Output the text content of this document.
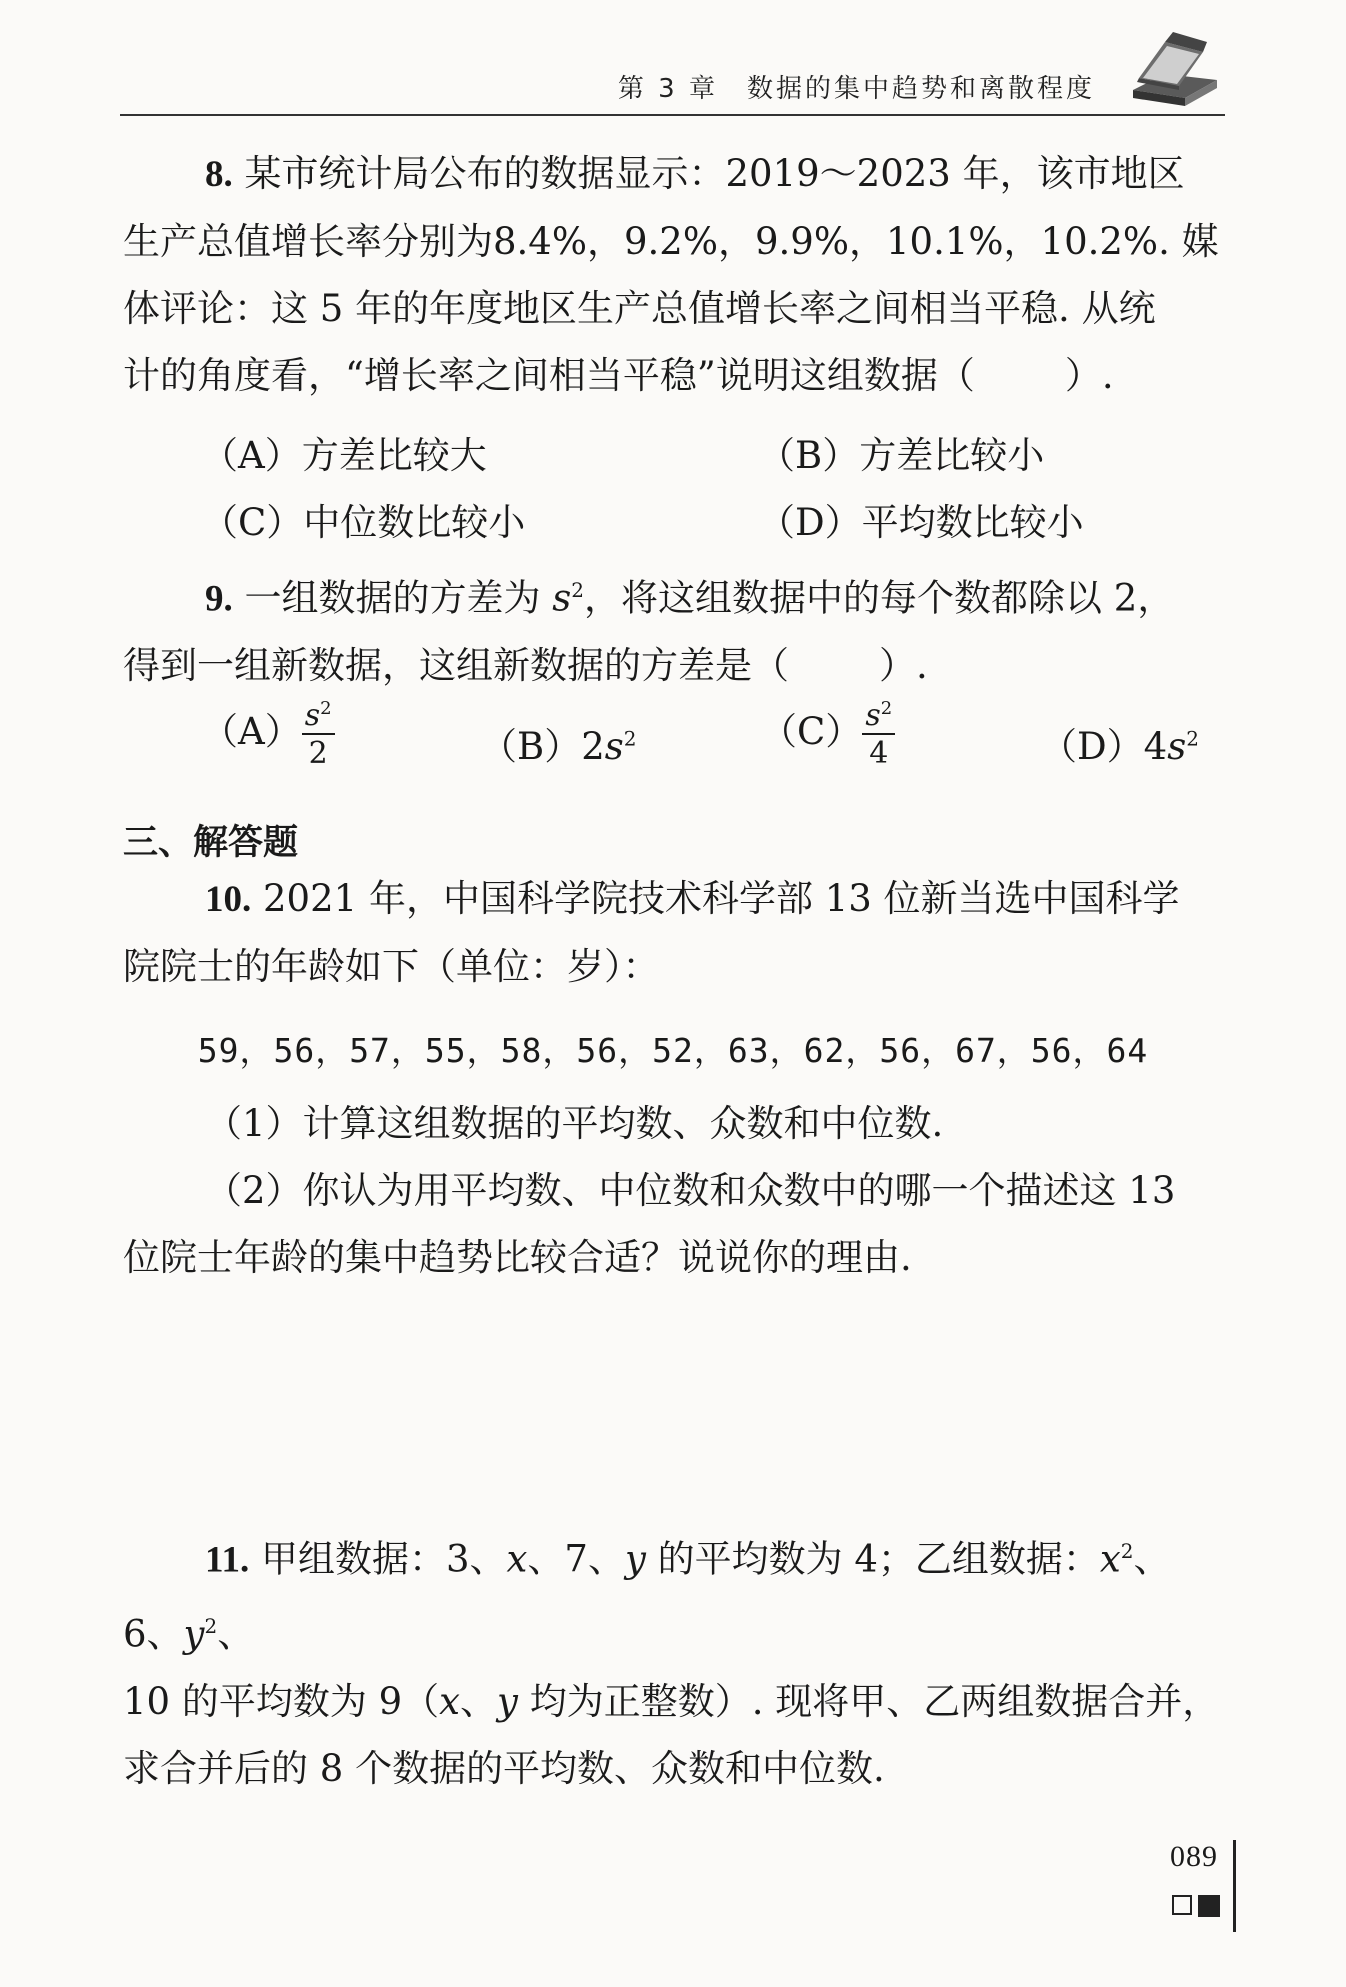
第 3 章　数据的集中趋势和离散程度

8. 某市统计局公布的数据显示：2019～2023 年，该市地区

生产总值增长率分别为8.4%，9.2%，9.9%，10.1%，10.2%. 媒

体评论：这 5 年的年度地区生产总值增长率之间相当平稳. 从统

计的角度看，“增长率之间相当平稳”说明这组数据（ ）.

（A）方差比较大	（B）方差比较小
（C）中位数比较小	（D）平均数比较小

9. 一组数据的方差为 $s^2$，将这组数据中的每个数都除以 2，

得到一组新数据，这组新数据的方差是（ ）.

$(A) \frac{s^2}{2}$	$(B)2s^2$	$(C) \frac{s^2}{4}$	$(D)4s^2$
三、解答题

10. 2021 年，中国科学院技术科学部 13 位新当选中国科学

院院士的年龄如下（单位：岁）：

59，56，57，55，58，56，52，63，62，56，67，56，64

（1）计算这组数据的平均数、众数和中位数.

（2）你认为用平均数、中位数和众数中的哪一个描述这 13

位院士年龄的集中趋势比较合适？说说你的理由.

11. 甲组数据：3、x、7、y 的平均数为 4；乙组数据：$x^2$、6、$y^2$、

10 的平均数为 9（x、y 均为正整数）. 现将甲、乙两组数据合并，

求合并后的 8 个数据的平均数、众数和中位数.

089
